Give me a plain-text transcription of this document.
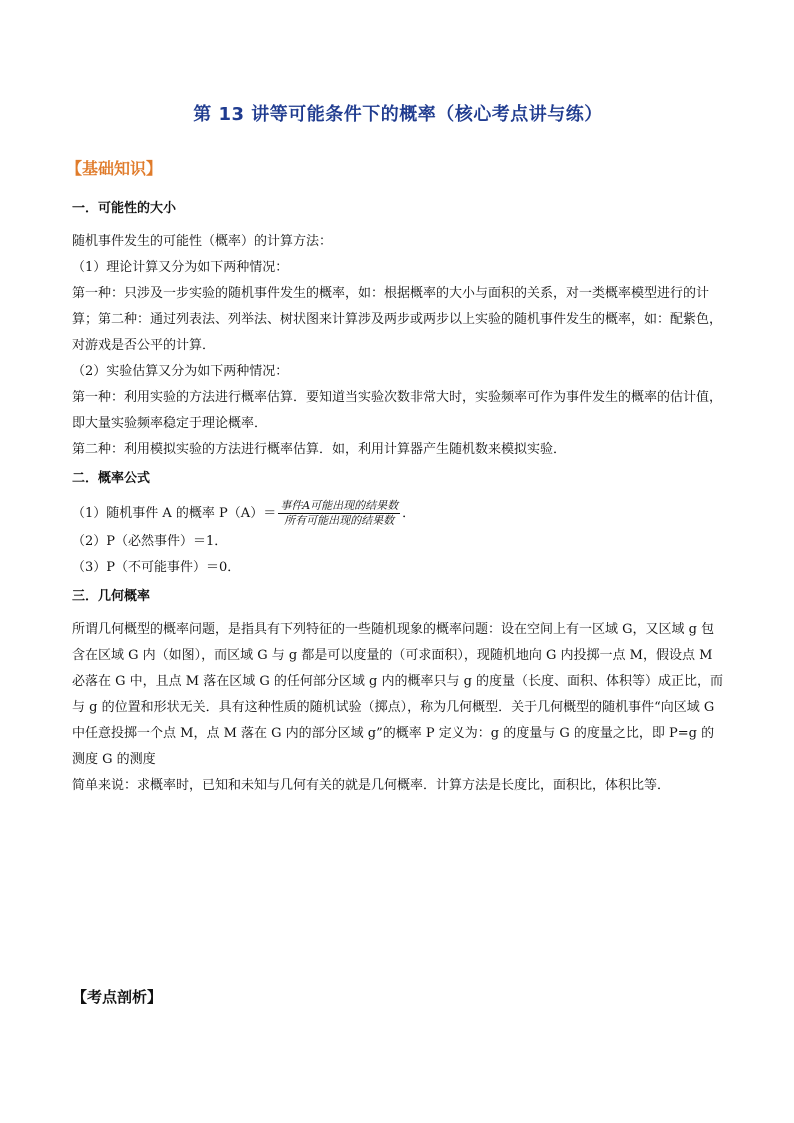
第 13 讲等可能条件下的概率（核心考点讲与练）
【基础知识】
一．可能性的大小

随机事件发生的可能性（概率）的计算方法：

（1）理论计算又分为如下两种情况：

第一种：只涉及一步实验的随机事件发生的概率，如：根据概率的大小与面积的关系，对一类概率模型进行的计算；第二种：通过列表法、列举法、树状图来计算涉及两步或两步以上实验的随机事件发生的概率，如：配紫色，对游戏是否公平的计算．

（2）实验估算又分为如下两种情况：

第一种：利用实验的方法进行概率估算．要知道当实验次数非常大时，实验频率可作为事件发生的概率的估计值，即大量实验频率稳定于理论概率．

第二种：利用模拟实验的方法进行概率估算．如，利用计算器产生随机数来模拟实验．

二．概率公式
（1）随机事件 A 的概率 $P(A)= \frac{\text{事件A可能出现的结果数}}{\text{所有可能出现的结果数}}$ ．

（2）P（必然事件）＝1．

（3）P（不可能事件）＝0．

三．几何概率

所谓几何概型的概率问题，是指具有下列特征的一些随机现象的概率问题：设在空间上有一区域 G，又区域 g 包含在区域 G 内（如图），而区域 G 与 g 都是可以度量的（可求面积），现随机地向 G 内投掷一点 M，假设点 M 必落在 G 中，且点 M 落在区域 G 的任何部分区域 g 内的概率只与 g 的度量（长度、面积、体积等）成正比，而与 g 的位置和形状无关．具有这种性质的随机试验（掷点），称为几何概型．关于几何概型的随机事件“向区域 G 中任意投掷一个点 M，点 M 落在 G 内的部分区域 g”的概率 P 定义为：g 的度量与 G 的度量之比，即 P=g 的测度 G 的测度

简单来说：求概率时，已知和未知与几何有关的就是几何概率．计算方法是长度比，面积比，体积比等．

【考点剖析】
